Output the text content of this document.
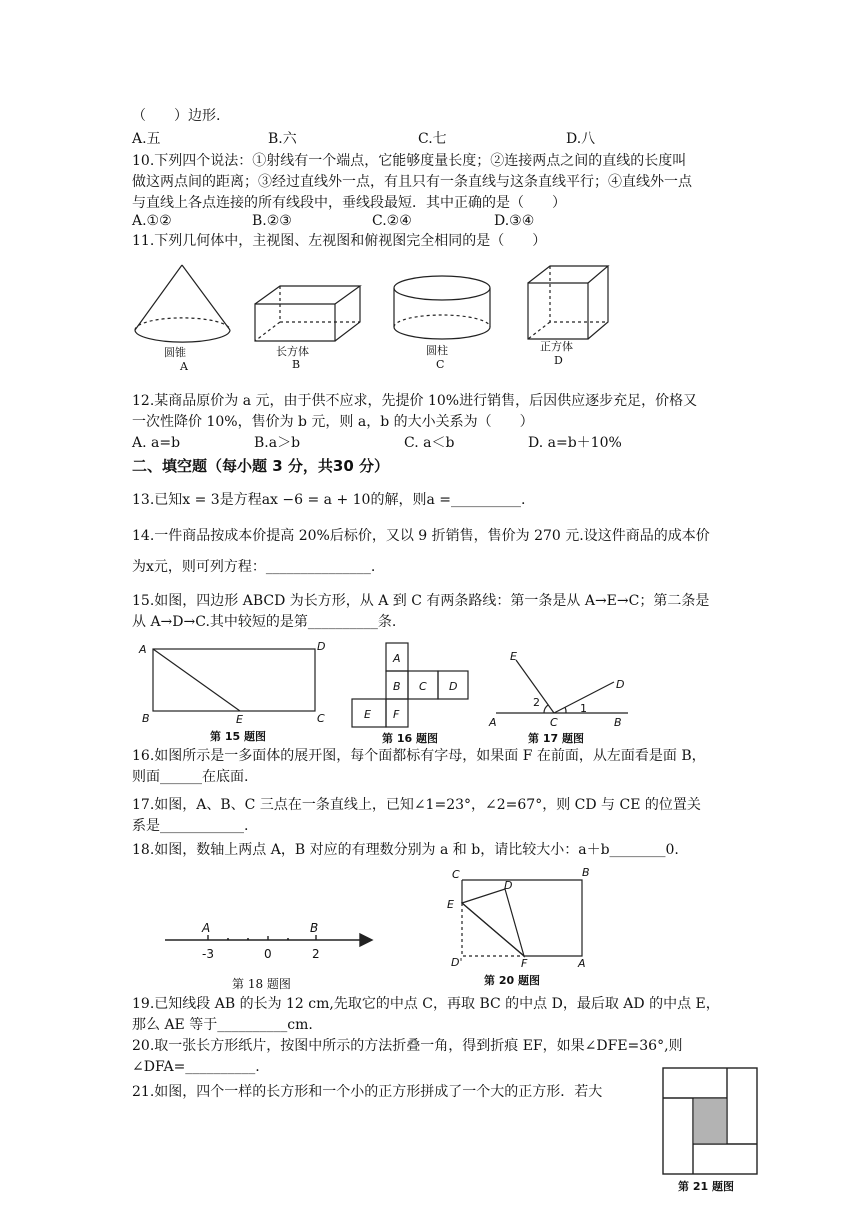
（　　）边形.
A.五	B.六	C.七	D.八
10.下列四个说法：①射线有一个端点，它能够度量长度；②连接两点之间的直线的长度叫
做这两点间的距离；③经过直线外一点，有且只有一条直线与这条直线平行；④直线外一点
与直线上各点连接的所有线段中，垂线段最短．其中正确的是（　　）
A.①②	B.②③	C.②④	D.③④
11.下列几何体中，主视图、左视图和俯视图完全相同的是（　　）
圆锥
A
长方体
B
圆柱
C
正方体
D
12.某商品原价为 a 元，由于供不应求，先提价 10%进行销售，后因供应逐步充足，价格又
一次性降价 10%，售价为 b 元，则 a，b 的大小关系为（　　）
A. a=b	B.a＞b	C. a＜b	D. a=b＋10%
二、填空题（每小题 3 分，共30 分）
13.已知x = 3是方程ax −6 = a + 10的解，则a =__________.
14.一件商品按成本价提高 20%后标价，又以 9 折销售，售价为 270 元.设这件商品的成本价
为x元，则可列方程：_______________.
15.如图，四边形 ABCD 为长方形，从 A 到 C 有两条路线：第一条是从 A→E→C；第二条是
从 A→D→C.其中较短的是第__________条.
A	D
B	E	C
A
B C D
E F
E
D
A	C	B
1
2
第 15 题图	第 16 题图	第 17 题图
16.如图所示是一多面体的展开图，每个面都标有字母，如果面 F 在前面，从左面看是面 B，
则面______在底面.
17.如图，A、B、C 三点在一条直线上，已知∠1=23°，∠2=67°，则 CD 与 CE 的位置关
系是____________.
18.如图，数轴上两点 A，B 对应的有理数分别为 a 和 b，请比较大小：a＋b________0.
A	B
-3	0	2
C	B
D
E
D'	F	A
第 18 题图	第 20 题图
19.已知线段 AB 的长为 12 cm,先取它的中点 C，再取 BC 的中点 D，最后取 AD 的中点 E，
那么 AE 等于__________cm.
20.取一张长方形纸片，按图中所示的方法折叠一角，得到折痕 EF，如果∠DFE=36°,则
∠DFA=__________.
21.如图，四个一样的长方形和一个小的正方形拼成了一个大的正方形．若大
第 21 题图
